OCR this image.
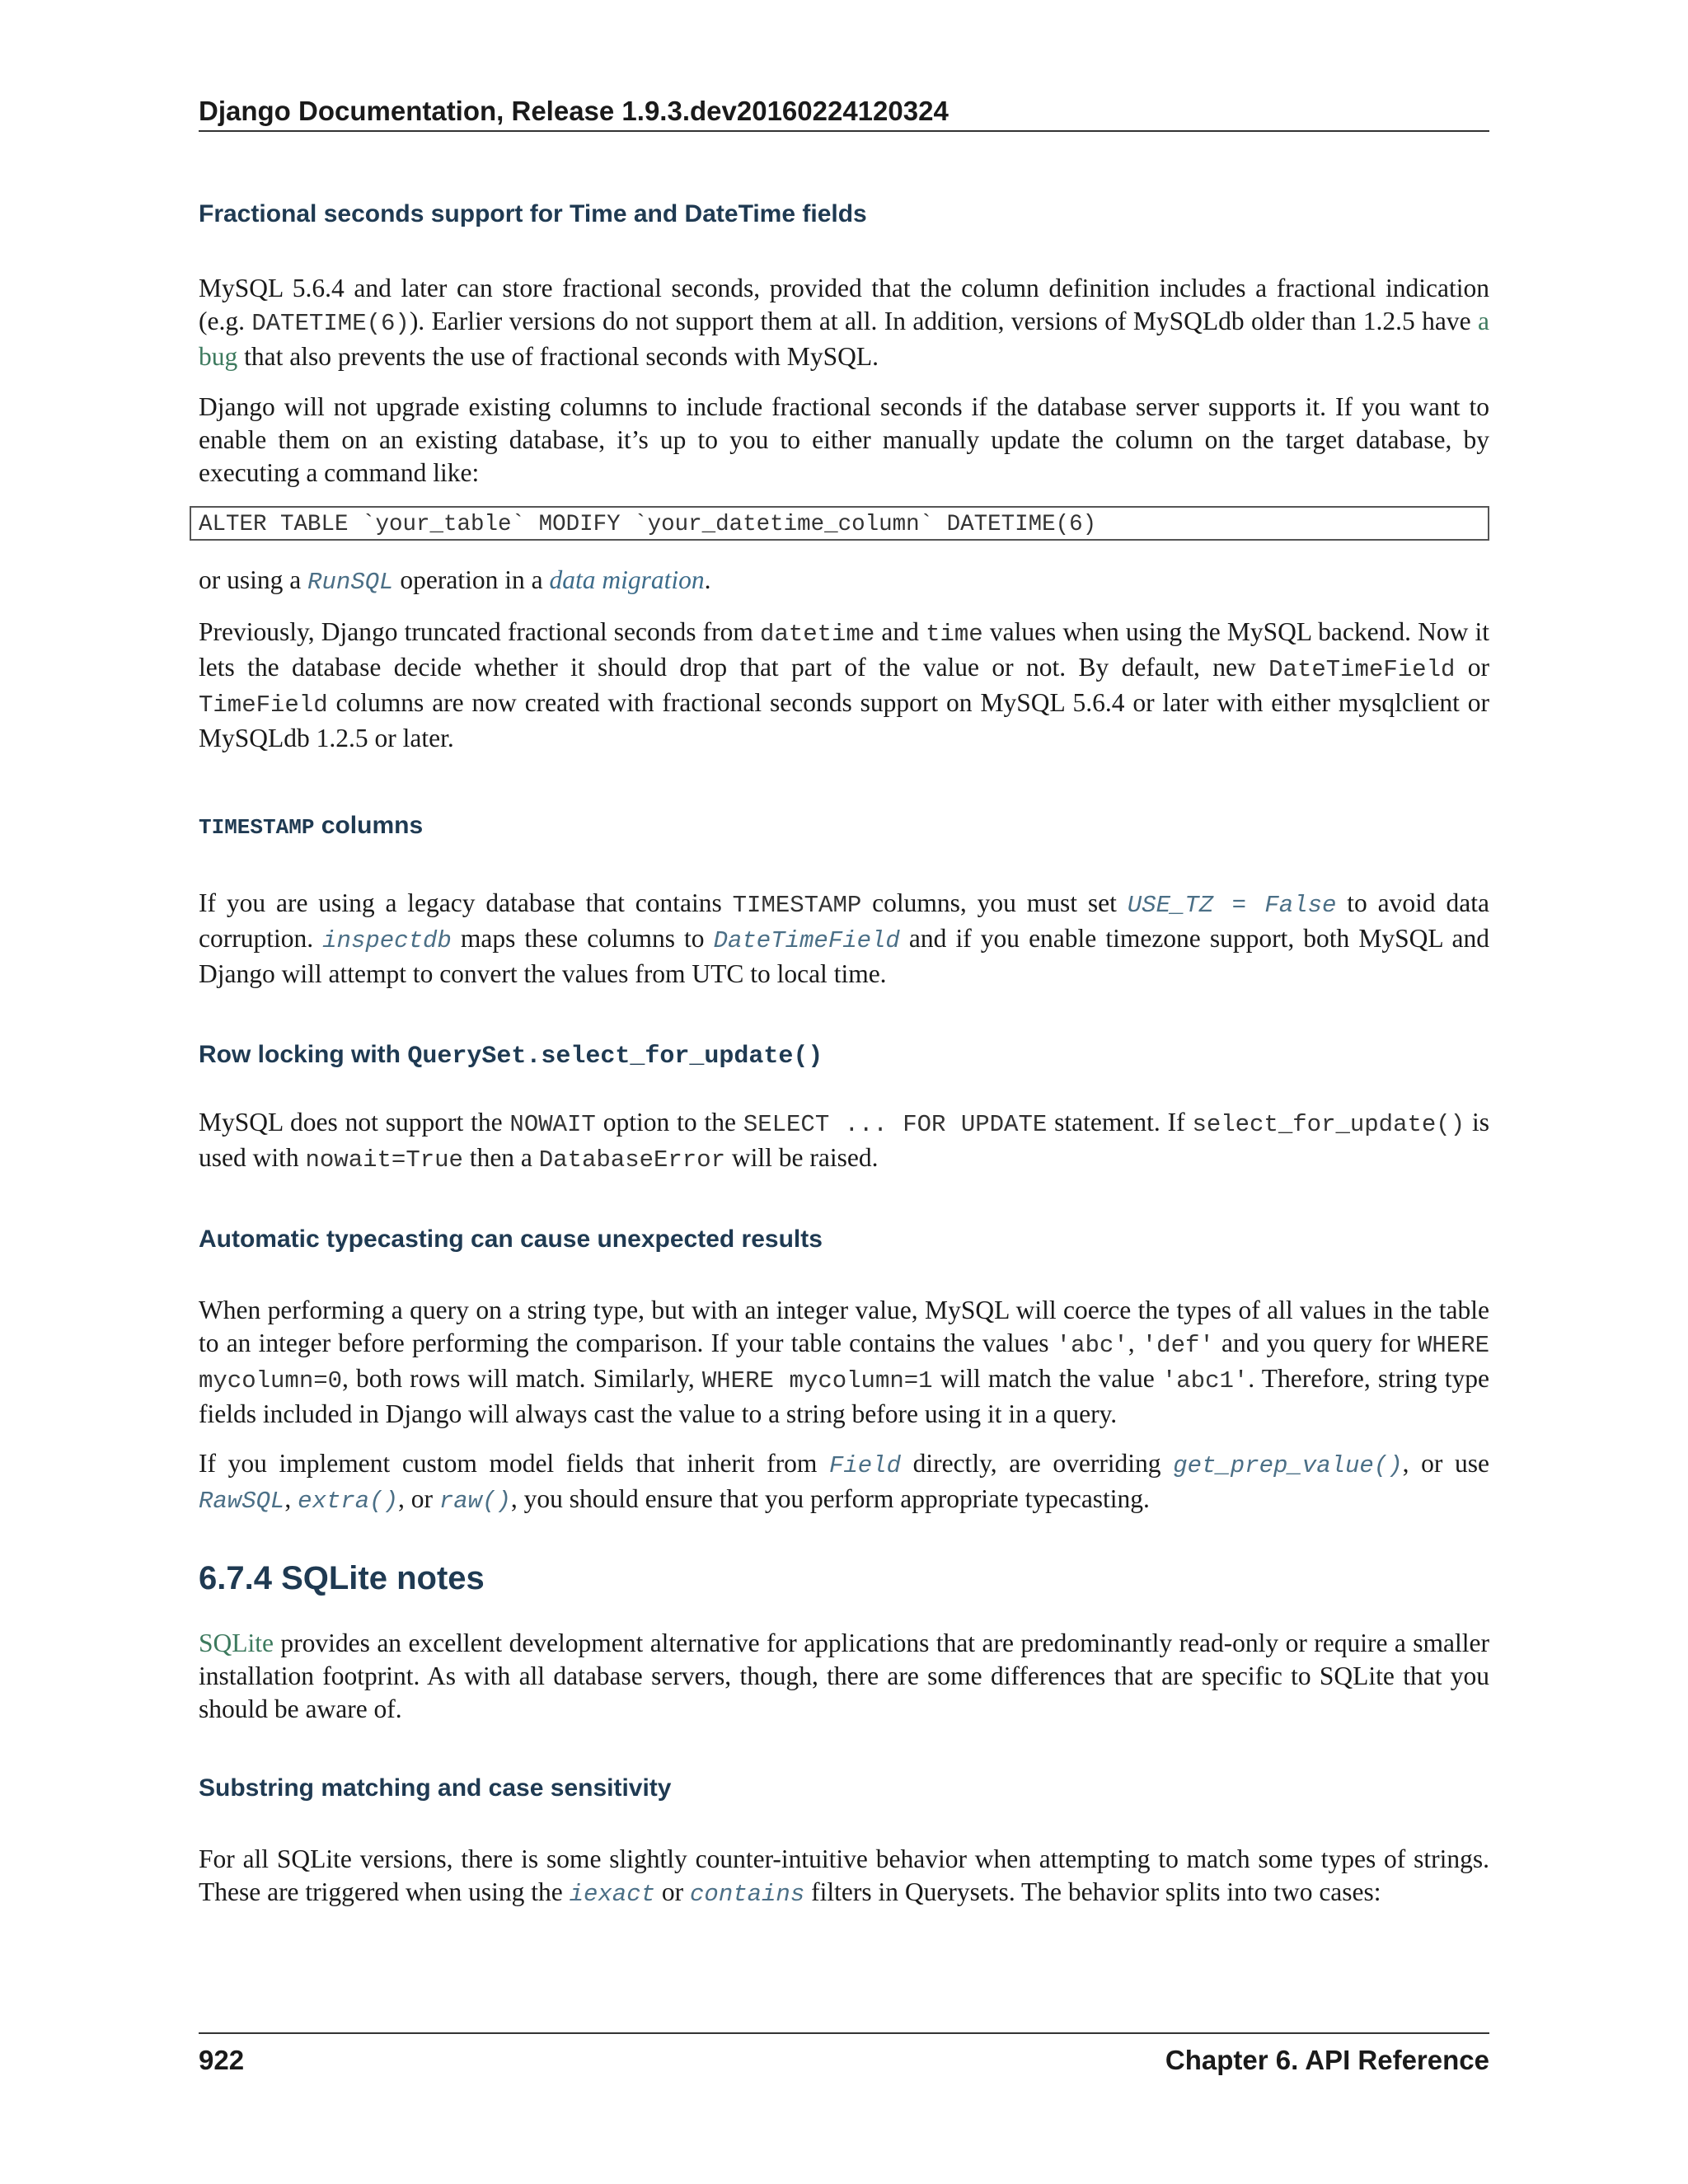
Django Documentation, Release 1.9.3.dev20160224120324
Fractional seconds support for Time and DateTime fields

MySQL 5.6.4 and later can store fractional seconds, provided that the column definition includes a fractional indication (e.g. DATETIME(6)). Earlier versions do not support them at all. In addition, versions of MySQLdb older than 1.2.5 have a bug that also prevents the use of fractional seconds with MySQL.

Django will not upgrade existing columns to include fractional seconds if the database server supports it. If you want to enable them on an existing database, it’s up to you to either manually update the column on the target database, by executing a command like:

ALTER TABLE `your_table` MODIFY `your_datetime_column` DATETIME(6)

or using a RunSQL operation in a data migration.

Previously, Django truncated fractional seconds from datetime and time values when using the MySQL backend. Now it lets the database decide whether it should drop that part of the value or not. By default, new DateTimeField or TimeField columns are now created with fractional seconds support on MySQL 5.6.4 or later with either mysqlclient or MySQLdb 1.2.5 or later.

TIMESTAMP columns

If you are using a legacy database that contains TIMESTAMP columns, you must set USE_TZ = False to avoid data corruption. inspectdb maps these columns to DateTimeField and if you enable timezone support, both MySQL and Django will attempt to convert the values from UTC to local time.

Row locking with QuerySet.select_for_update()

MySQL does not support the NOWAIT option to the SELECT ... FOR UPDATE statement. If select_for_update() is used with nowait=True then a DatabaseError will be raised.

Automatic typecasting can cause unexpected results

When performing a query on a string type, but with an integer value, MySQL will coerce the types of all values in the table to an integer before performing the comparison. If your table contains the values 'abc', 'def' and you query for WHERE mycolumn=0, both rows will match. Similarly, WHERE mycolumn=1 will match the value 'abc1'. Therefore, string type fields included in Django will always cast the value to a string before using it in a query.

If you implement custom model fields that inherit from Field directly, are overriding get_prep_value(), or use RawSQL, extra(), or raw(), you should ensure that you perform appropriate typecasting.

6.7.4 SQLite notes

SQLite provides an excellent development alternative for applications that are predominantly read-only or require a smaller installation footprint. As with all database servers, though, there are some differences that are specific to SQLite that you should be aware of.

Substring matching and case sensitivity

For all SQLite versions, there is some slightly counter-intuitive behavior when attempting to match some types of strings. These are triggered when using the iexact or contains filters in Querysets. The behavior splits into two cases:

922	Chapter 6. API Reference
